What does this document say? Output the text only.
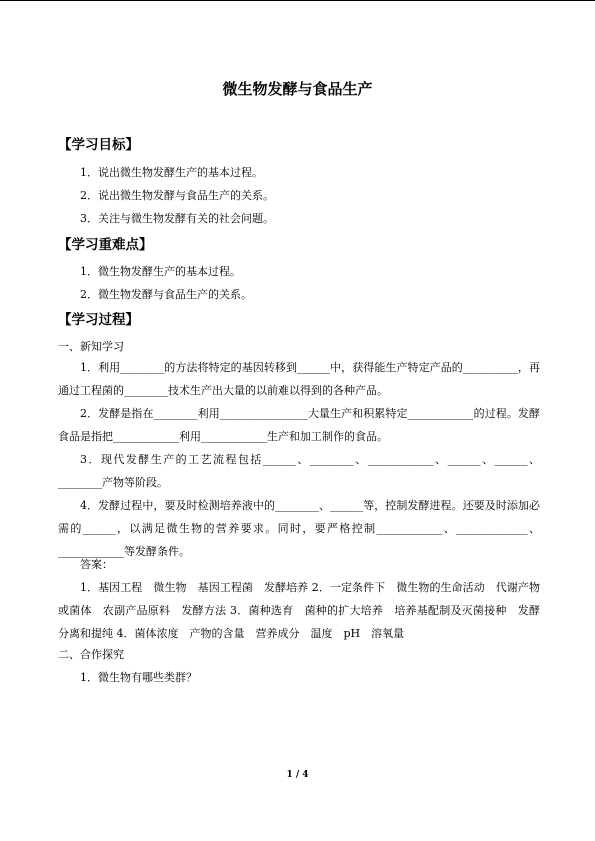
微生物发酵与食品生产
【学习目标】
1．说出微生物发酵生产的基本过程。
2．说出微生物发酵与食品生产的关系。
3．关注与微生物发酵有关的社会问题。
【学习重难点】
1．微生物发酵生产的基本过程。
2．微生物发酵与食品生产的关系。
【学习过程】
一、新知学习
1．利用________的方法将特定的基因转移到______中，获得能生产特定产品的__________，再通过工程菌的________技术生产出大量的以前难以得到的各种产品。
2．发酵是指在________利用________________大量生产和积累特定____________的过程。发酵食品是指把____________利用____________生产和加工制作的食品。
3．现代发酵生产的工艺流程包括______、________、____________、______、______、________产物等阶段。
4．发酵过程中，要及时检测培养液中的________、______等，控制发酵进程。还要及时添加必需的______，以满足微生物的营养要求。同时，要严格控制____________、_____________、____________等发酵条件。
答案：
1．基因工程　微生物　基因工程菌　发酵培养 2．一定条件下　微生物的生命活动　代谢产物或菌体　农副产品原料　发酵方法 3．菌种选育　菌种的扩大培养　培养基配制及灭菌接种　发酵　分离和提纯 4．菌体浓度　产物的含量　营养成分　温度　pH　溶氧量
二、合作探究
1．微生物有哪些类群？
1 / 4
